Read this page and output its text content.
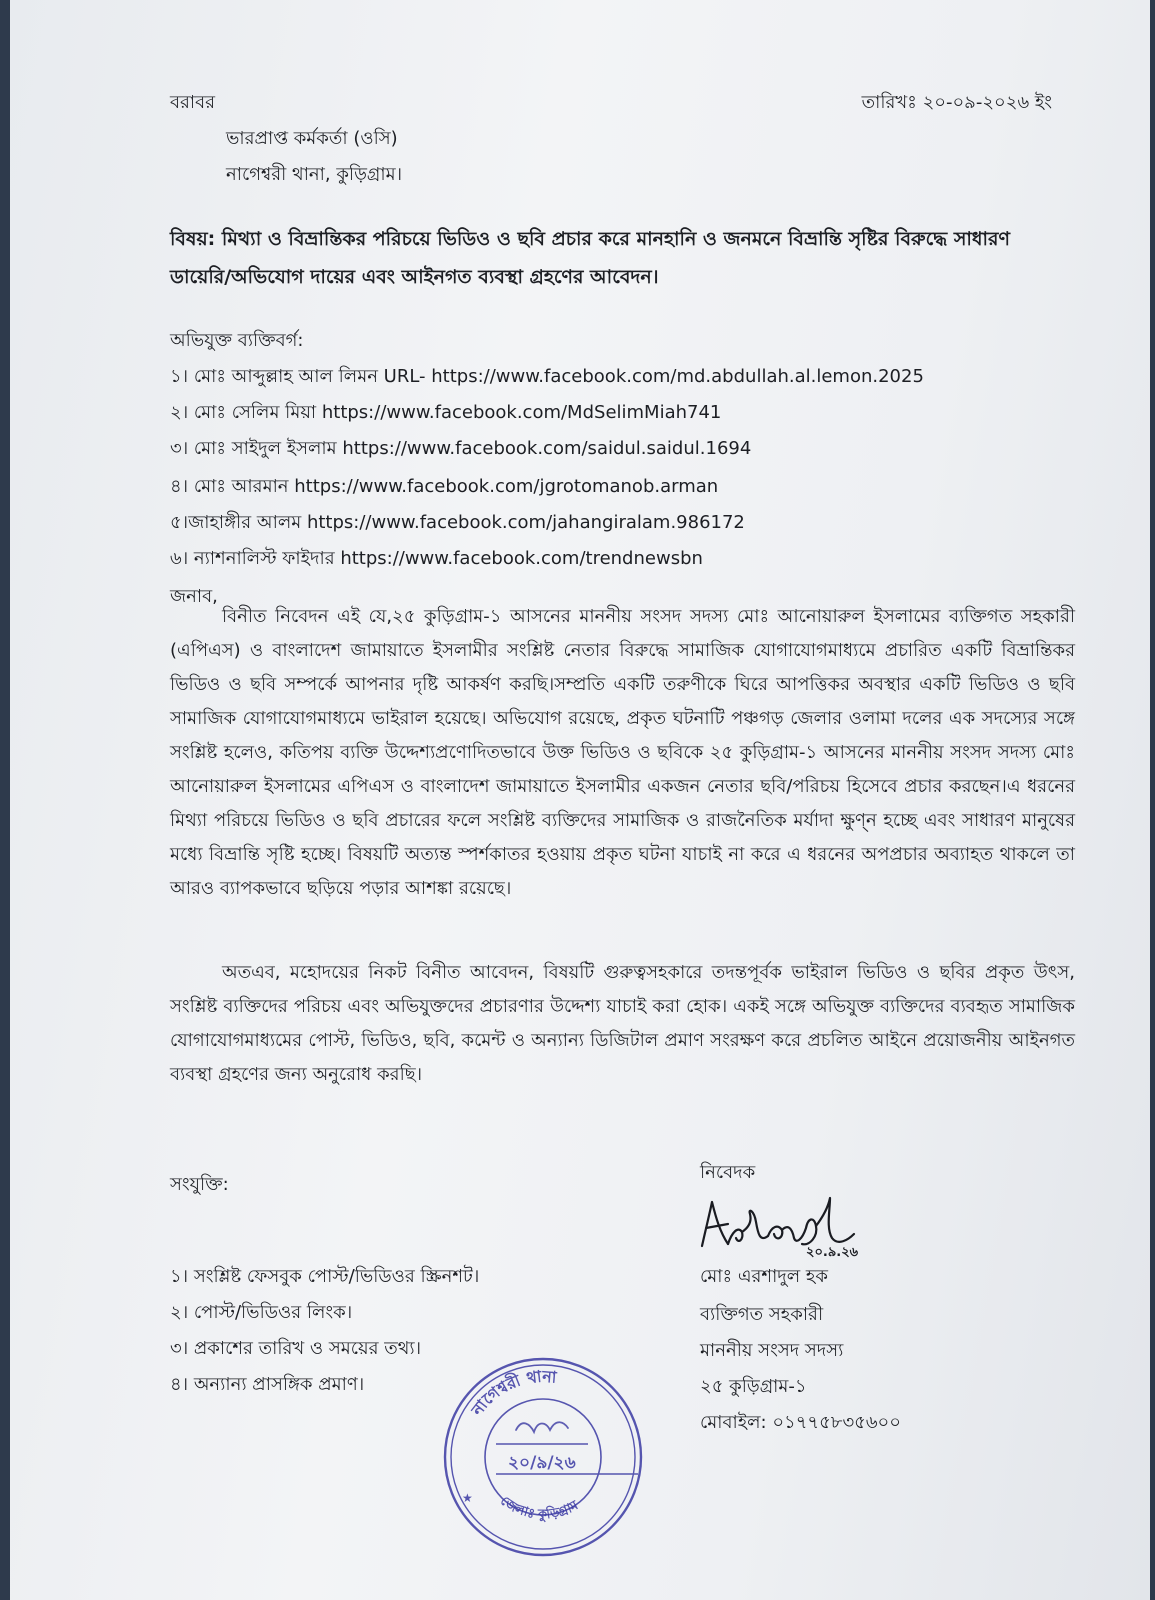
বরাবর	তারিখঃ ২০-০৯-২০২৬ ইং
ভারপ্রাপ্ত কর্মকর্তা (ওসি)
নাগেশ্বরী থানা, কুড়িগ্রাম।
বিষয়: মিথ্যা ও বিভ্রান্তিকর পরিচয়ে ভিডিও ও ছবি প্রচার করে মানহানি ও জনমনে বিভ্রান্তি সৃষ্টির বিরুদ্ধে সাধারণ ডায়েরি/অভিযোগ দায়ের এবং আইনগত ব্যবস্থা গ্রহণের আবেদন।
অভিযুক্ত ব্যক্তিবর্গ:
১। মোঃ আব্দুল্লাহ আল লিমন URL- https://www.facebook.com/md.abdullah.al.lemon.2025
২। মোঃ সেলিম মিয়া https://www.facebook.com/MdSelimMiah741
৩। মোঃ সাইদুল ইসলাম https://www.facebook.com/saidul.saidul.1694
৪। মোঃ আরমান https://www.facebook.com/jgrotomanob.arman
৫।জাহাঙ্গীর আলম https://www.facebook.com/jahangiralam.986172
৬। ন্যাশনালিস্ট ফাইদার https://www.facebook.com/trendnewsbn
জনাব,
বিনীত নিবেদন এই যে,২৫ কুড়িগ্রাম-১ আসনের মাননীয় সংসদ সদস্য মোঃ আনোয়ারুল ইসলামের ব্যক্তিগত সহকারী (এপিএস) ও বাংলাদেশ জামায়াতে ইসলামীর সংশ্লিষ্ট নেতার বিরুদ্ধে সামাজিক যোগাযোগমাধ্যমে প্রচারিত একটি বিভ্রান্তিকর ভিডিও ও ছবি সম্পর্কে আপনার দৃষ্টি আকর্ষণ করছি।সম্প্রতি একটি তরুণীকে ঘিরে আপত্তিকর অবস্থার একটি ভিডিও ও ছবি সামাজিক যোগাযোগমাধ্যমে ভাইরাল হয়েছে। অভিযোগ রয়েছে, প্রকৃত ঘটনাটি পঞ্চগড় জেলার ওলামা দলের এক সদস্যের সঙ্গে সংশ্লিষ্ট হলেও, কতিপয় ব্যক্তি উদ্দেশ্যপ্রণোদিতভাবে উক্ত ভিডিও ও ছবিকে ২৫ কুড়িগ্রাম-১ আসনের মাননীয় সংসদ সদস্য মোঃ আনোয়ারুল ইসলামের এপিএস ও বাংলাদেশ জামায়াতে ইসলামীর একজন নেতার ছবি/পরিচয় হিসেবে প্রচার করছেন।এ ধরনের মিথ্যা পরিচয়ে ভিডিও ও ছবি প্রচারের ফলে সংশ্লিষ্ট ব্যক্তিদের সামাজিক ও রাজনৈতিক মর্যাদা ক্ষুণ্ন হচ্ছে এবং সাধারণ মানুষের মধ্যে বিভ্রান্তি সৃষ্টি হচ্ছে। বিষয়টি অত্যন্ত স্পর্শকাতর হওয়ায় প্রকৃত ঘটনা যাচাই না করে এ ধরনের অপপ্রচার অব্যাহত থাকলে তা আরও ব্যাপকভাবে ছড়িয়ে পড়ার আশঙ্কা রয়েছে।
অতএব, মহোদয়ের নিকট বিনীত আবেদন, বিষয়টি গুরুত্বসহকারে তদন্তপূর্বক ভাইরাল ভিডিও ও ছবির প্রকৃত উৎস, সংশ্লিষ্ট ব্যক্তিদের পরিচয় এবং অভিযুক্তদের প্রচারণার উদ্দেশ্য যাচাই করা হোক। একই সঙ্গে অভিযুক্ত ব্যক্তিদের ব্যবহৃত সামাজিক যোগাযোগমাধ্যমের পোস্ট, ভিডিও, ছবি, কমেন্ট ও অন্যান্য ডিজিটাল প্রমাণ সংরক্ষণ করে প্রচলিত আইনে প্রয়োজনীয় আইনগত ব্যবস্থা গ্রহণের জন্য অনুরোধ করছি।
সংযুক্তি:
১। সংশ্লিষ্ট ফেসবুক পোস্ট/ভিডিওর স্ক্রিনশট।
২। পোস্ট/ভিডিওর লিংক।
৩। প্রকাশের তারিখ ও সময়ের তথ্য।
৪। অন্যান্য প্রাসঙ্গিক প্রমাণ।
নিবেদক
২০.৯.২৬
মোঃ এরশাদুল হক
ব্যক্তিগত সহকারী
মাননীয় সংসদ সদস্য
২৫ কুড়িগ্রাম-১
মোবাইল: ০১৭৭৫৮৩৫৬০০
নাগেশ্বরী থানা
জেলাঃ কুড়িগ্রাম
২০/৯/২৬
★
